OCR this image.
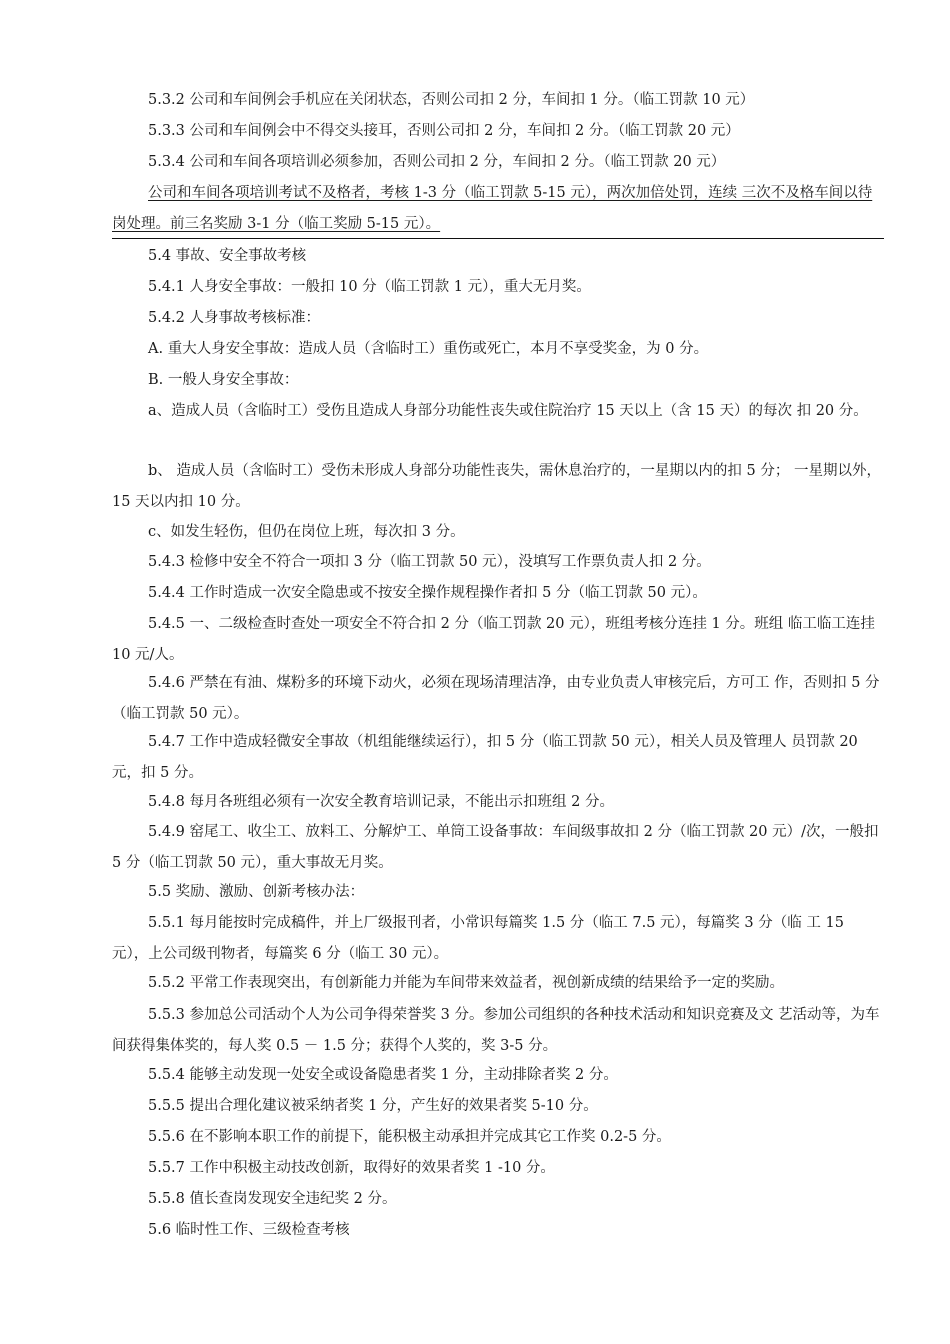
5.3.2 公司和车间例会手机应在关闭状态，否则公司扣 2 分，车间扣 1 分。（临工罚款 10 元）
5.3.3 公司和车间例会中不得交头接耳，否则公司扣 2 分，车间扣 2 分。（临工罚款 20 元）
5.3.4 公司和车间各项培训必须参加，否则公司扣 2 分，车间扣 2 分。（临工罚款 20 元）
公司和车间各项培训考试不及格者，考核 1-3 分（临工罚款 5-15 元），两次加倍处罚，连续 三次不及格车间以待岗处理。前三名奖励 3-1 分（临工奖励 5-15 元）。
5.4 事故、安全事故考核
5.4.1 人身安全事故：一般扣 10 分（临工罚款 1 元），重大无月奖。
5.4.2 人身事故考核标准：
A. 重大人身安全事故：造成人员（含临时工）重伤或死亡，本月不享受奖金，为 0 分。
B. 一般人身安全事故：
a、造成人员（含临时工）受伤且造成人身部分功能性丧失或住院治疗 15 天以上（含 15 天）的每次 扣 20 分。
b、 造成人员（含临时工）受伤未形成人身部分功能性丧失，需休息治疗的，一星期以内的扣 5 分； 一星期以外，15 天以内扣 10 分。
c、如发生轻伤，但仍在岗位上班，每次扣 3 分。
5.4.3 检修中安全不符合一项扣 3 分（临工罚款 50 元），没填写工作票负责人扣 2 分。
5.4.4 工作时造成一次安全隐患或不按安全操作规程操作者扣 5 分（临工罚款 50 元）。
5.4.5 一、二级检查时查处一项安全不符合扣 2 分（临工罚款 20 元），班组考核分连挂 1 分。班组 临工临工连挂 10 元/人。
5.4.6 严禁在有油、煤粉多的环境下动火，必须在现场清理洁净，由专业负责人审核完后，方可工 作，否则扣 5 分（临工罚款 50 元）。
5.4.7 工作中造成轻微安全事故（机组能继续运行），扣 5 分（临工罚款 50 元），相关人员及管理人 员罚款 20 元，扣 5 分。
5.4.8 每月各班组必须有一次安全教育培训记录，不能出示扣班组 2 分。
5.4.9 窑尾工、收尘工、放料工、分解炉工、单筒工设备事故：车间级事故扣 2 分（临工罚款 20 元）/次，一般扣 5 分（临工罚款 50 元），重大事故无月奖。
5.5 奖励、激励、创新考核办法：
5.5.1 每月能按时完成稿件，并上厂级报刊者，小常识每篇奖 1.5 分（临工 7.5 元），每篇奖 3 分（临 工 15 元），上公司级刊物者，每篇奖 6 分（临工 30 元）。
5.5.2 平常工作表现突出，有创新能力并能为车间带来效益者，视创新成绩的结果给予一定的奖励。
5.5.3 参加总公司活动个人为公司争得荣誉奖 3 分。参加公司组织的各种技术活动和知识竞赛及文 艺活动等，为车间获得集体奖的，每人奖 0.5 － 1.5 分；获得个人奖的，奖 3-5 分。
5.5.4 能够主动发现一处安全或设备隐患者奖 1 分，主动排除者奖 2 分。
5.5.5 提出合理化建议被采纳者奖 1 分，产生好的效果者奖 5-10 分。
5.5.6 在不影响本职工作的前提下，能积极主动承担并完成其它工作奖 0.2-5 分。
5.5.7 工作中积极主动技改创新，取得好的效果者奖 1 -10 分。
5.5.8 值长查岗发现安全违纪奖 2 分。
5.6 临时性工作、三级检查考核
